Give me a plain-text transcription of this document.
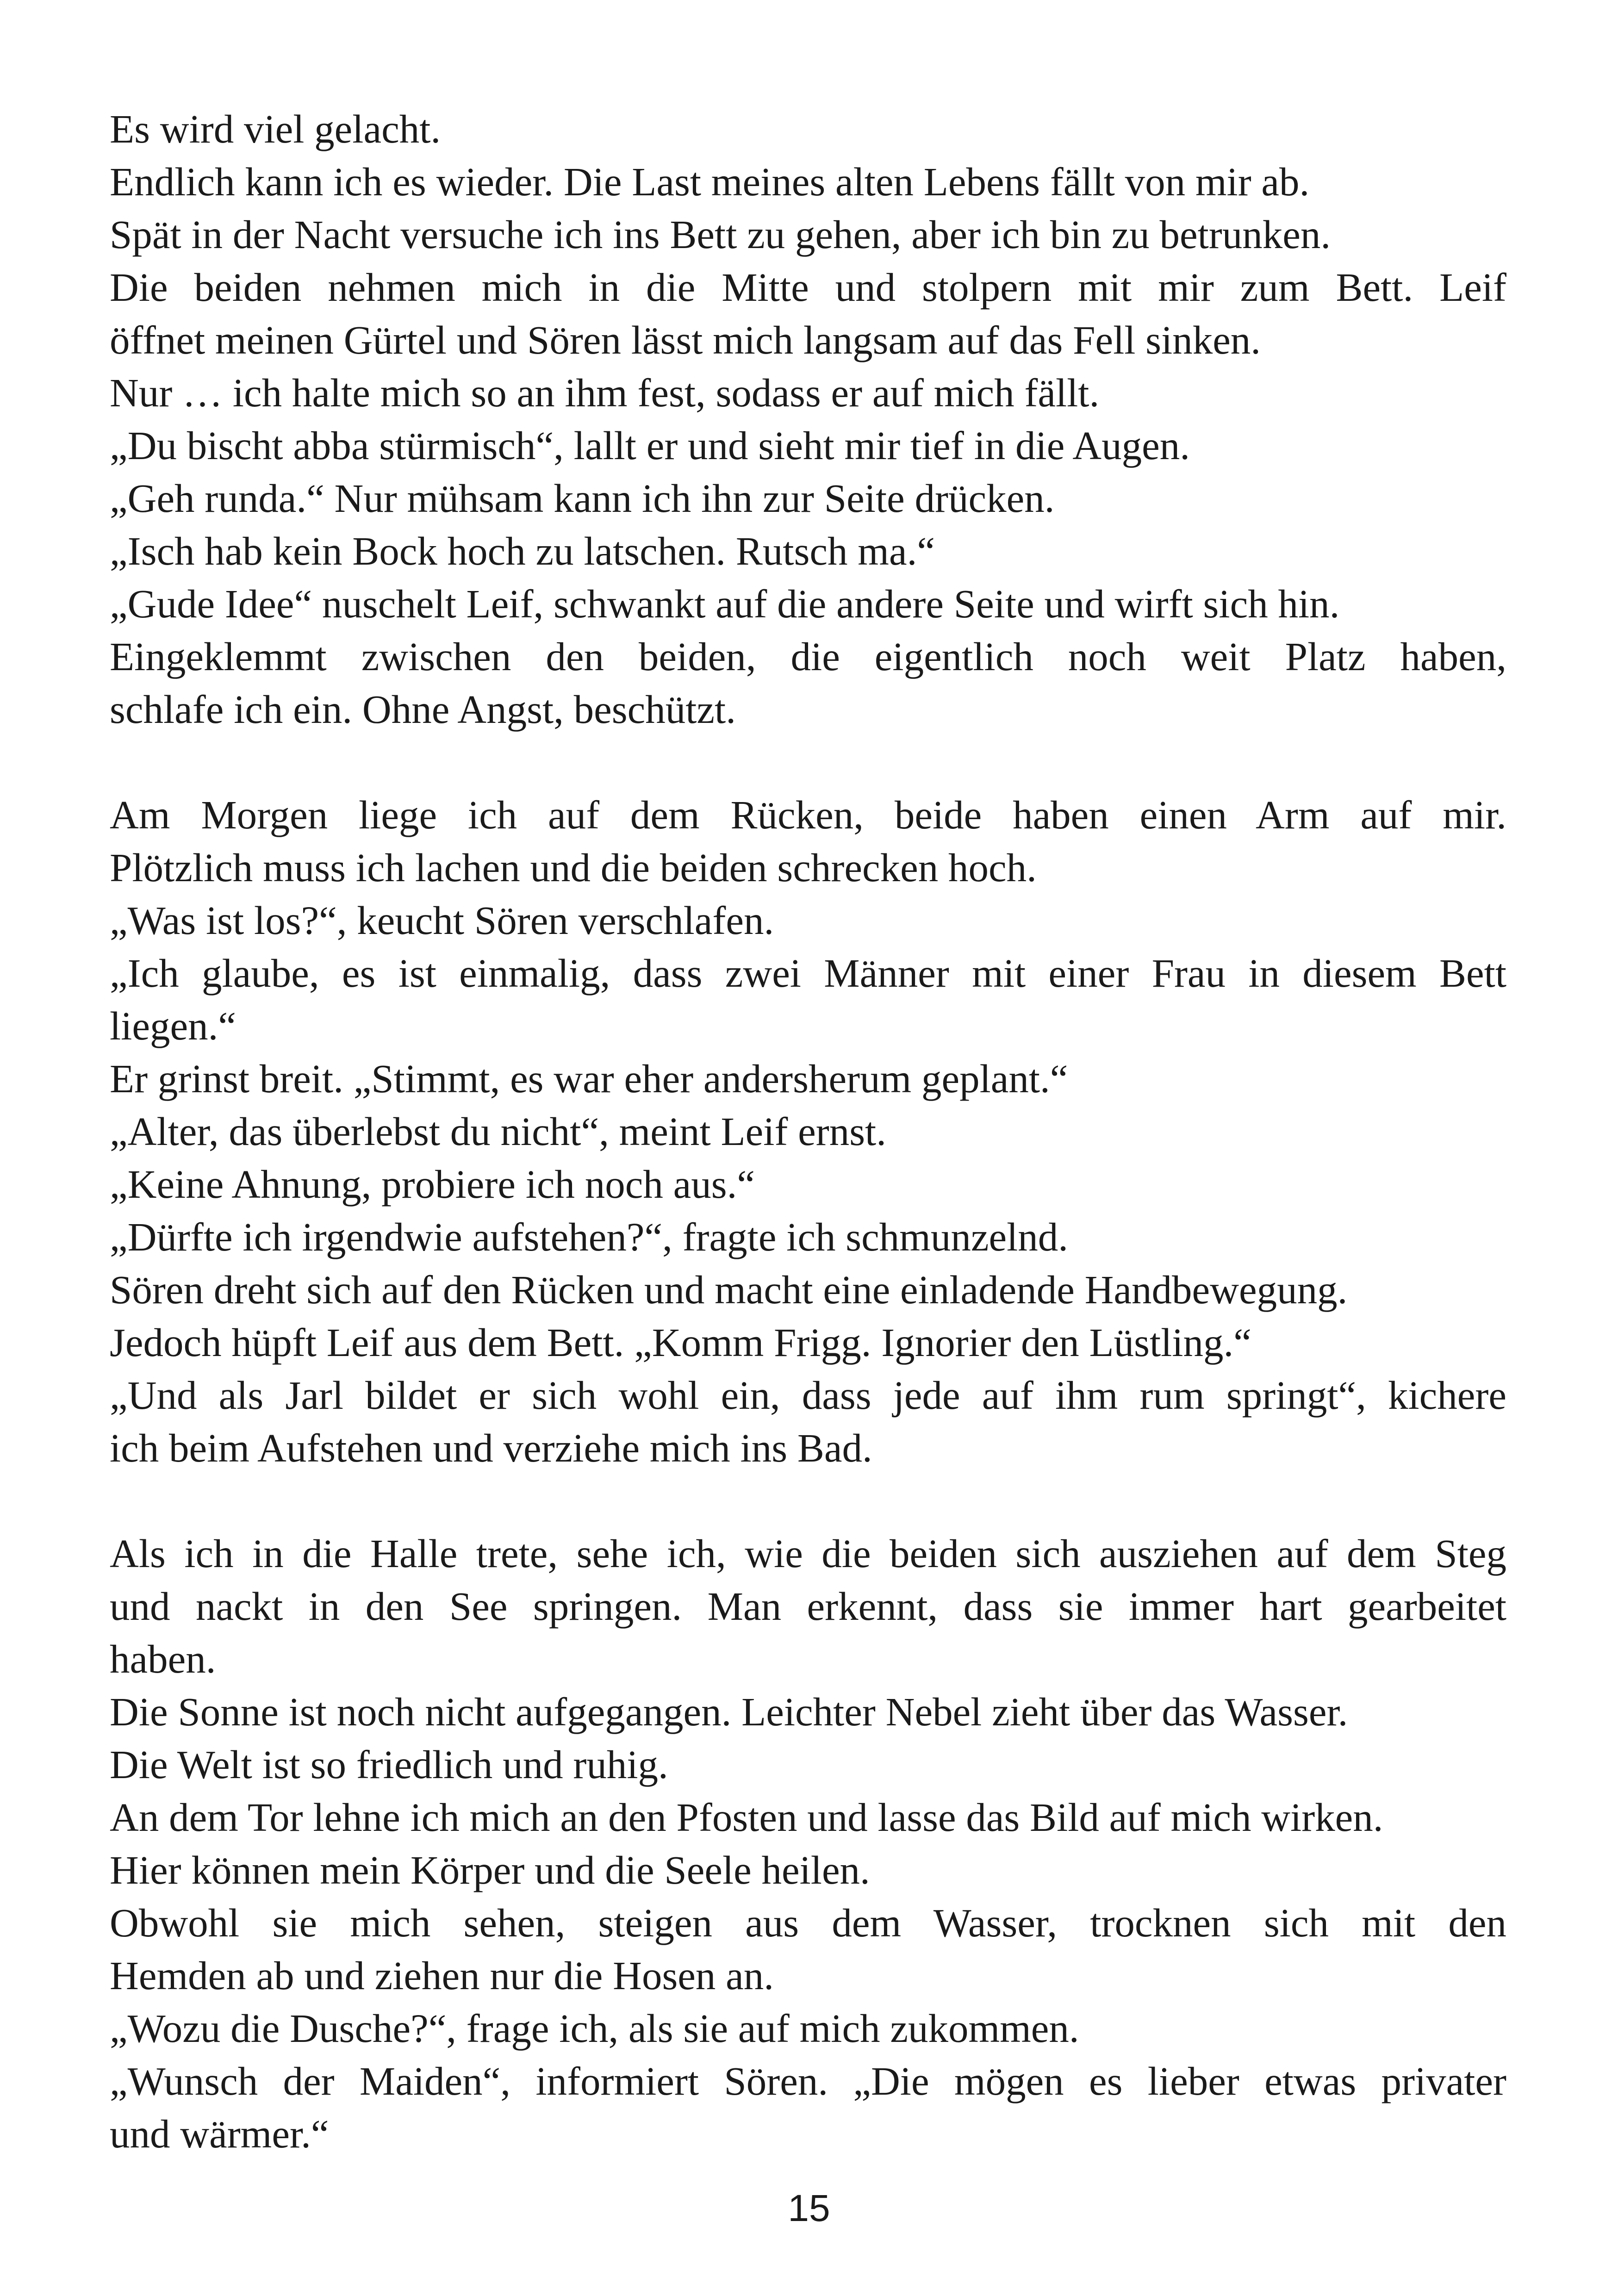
Es wird viel gelacht.
Endlich kann ich es wieder. Die Last meines alten Lebens fällt von mir ab.
Spät in der Nacht versuche ich ins Bett zu gehen, aber ich bin zu betrunken.
Die beiden nehmen mich in die Mitte und stolpern mit mir zum Bett. Leif
öffnet meinen Gürtel und Sören lässt mich langsam auf das Fell sinken.
Nur … ich halte mich so an ihm fest, sodass er auf mich fällt.
„Du bischt abba stürmisch“, lallt er und sieht mir tief in die Augen.
„Geh runda.“ Nur mühsam kann ich ihn zur Seite drücken.
„Isch hab kein Bock hoch zu latschen. Rutsch ma.“
„Gude Idee“ nuschelt Leif, schwankt auf die andere Seite und wirft sich hin.
Eingeklemmt zwischen den beiden, die eigentlich noch weit Platz haben,
schlafe ich ein. Ohne Angst, beschützt.
Am Morgen liege ich auf dem Rücken, beide haben einen Arm auf mir.
Plötzlich muss ich lachen und die beiden schrecken hoch.
„Was ist los?“, keucht Sören verschlafen.
„Ich glaube, es ist einmalig, dass zwei Männer mit einer Frau in diesem Bett
liegen.“
Er grinst breit. „Stimmt, es war eher andersherum geplant.“
„Alter, das überlebst du nicht“, meint Leif ernst.
„Keine Ahnung, probiere ich noch aus.“
„Dürfte ich irgendwie aufstehen?“, fragte ich schmunzelnd.
Sören dreht sich auf den Rücken und macht eine einladende Handbewegung.
Jedoch hüpft Leif aus dem Bett. „Komm Frigg. Ignorier den Lüstling.“
„Und als Jarl bildet er sich wohl ein, dass jede auf ihm rum springt“, kichere
ich beim Aufstehen und verziehe mich ins Bad.
Als ich in die Halle trete, sehe ich, wie die beiden sich ausziehen auf dem Steg
und nackt in den See springen. Man erkennt, dass sie immer hart gearbeitet
haben.
Die Sonne ist noch nicht aufgegangen. Leichter Nebel zieht über das Wasser.
Die Welt ist so friedlich und ruhig.
An dem Tor lehne ich mich an den Pfosten und lasse das Bild auf mich wirken.
Hier können mein Körper und die Seele heilen.
Obwohl sie mich sehen, steigen aus dem Wasser, trocknen sich mit den
Hemden ab und ziehen nur die Hosen an.
„Wozu die Dusche?“, frage ich, als sie auf mich zukommen.
„Wunsch der Maiden“, informiert Sören. „Die mögen es lieber etwas privater
und wärmer.“
15
